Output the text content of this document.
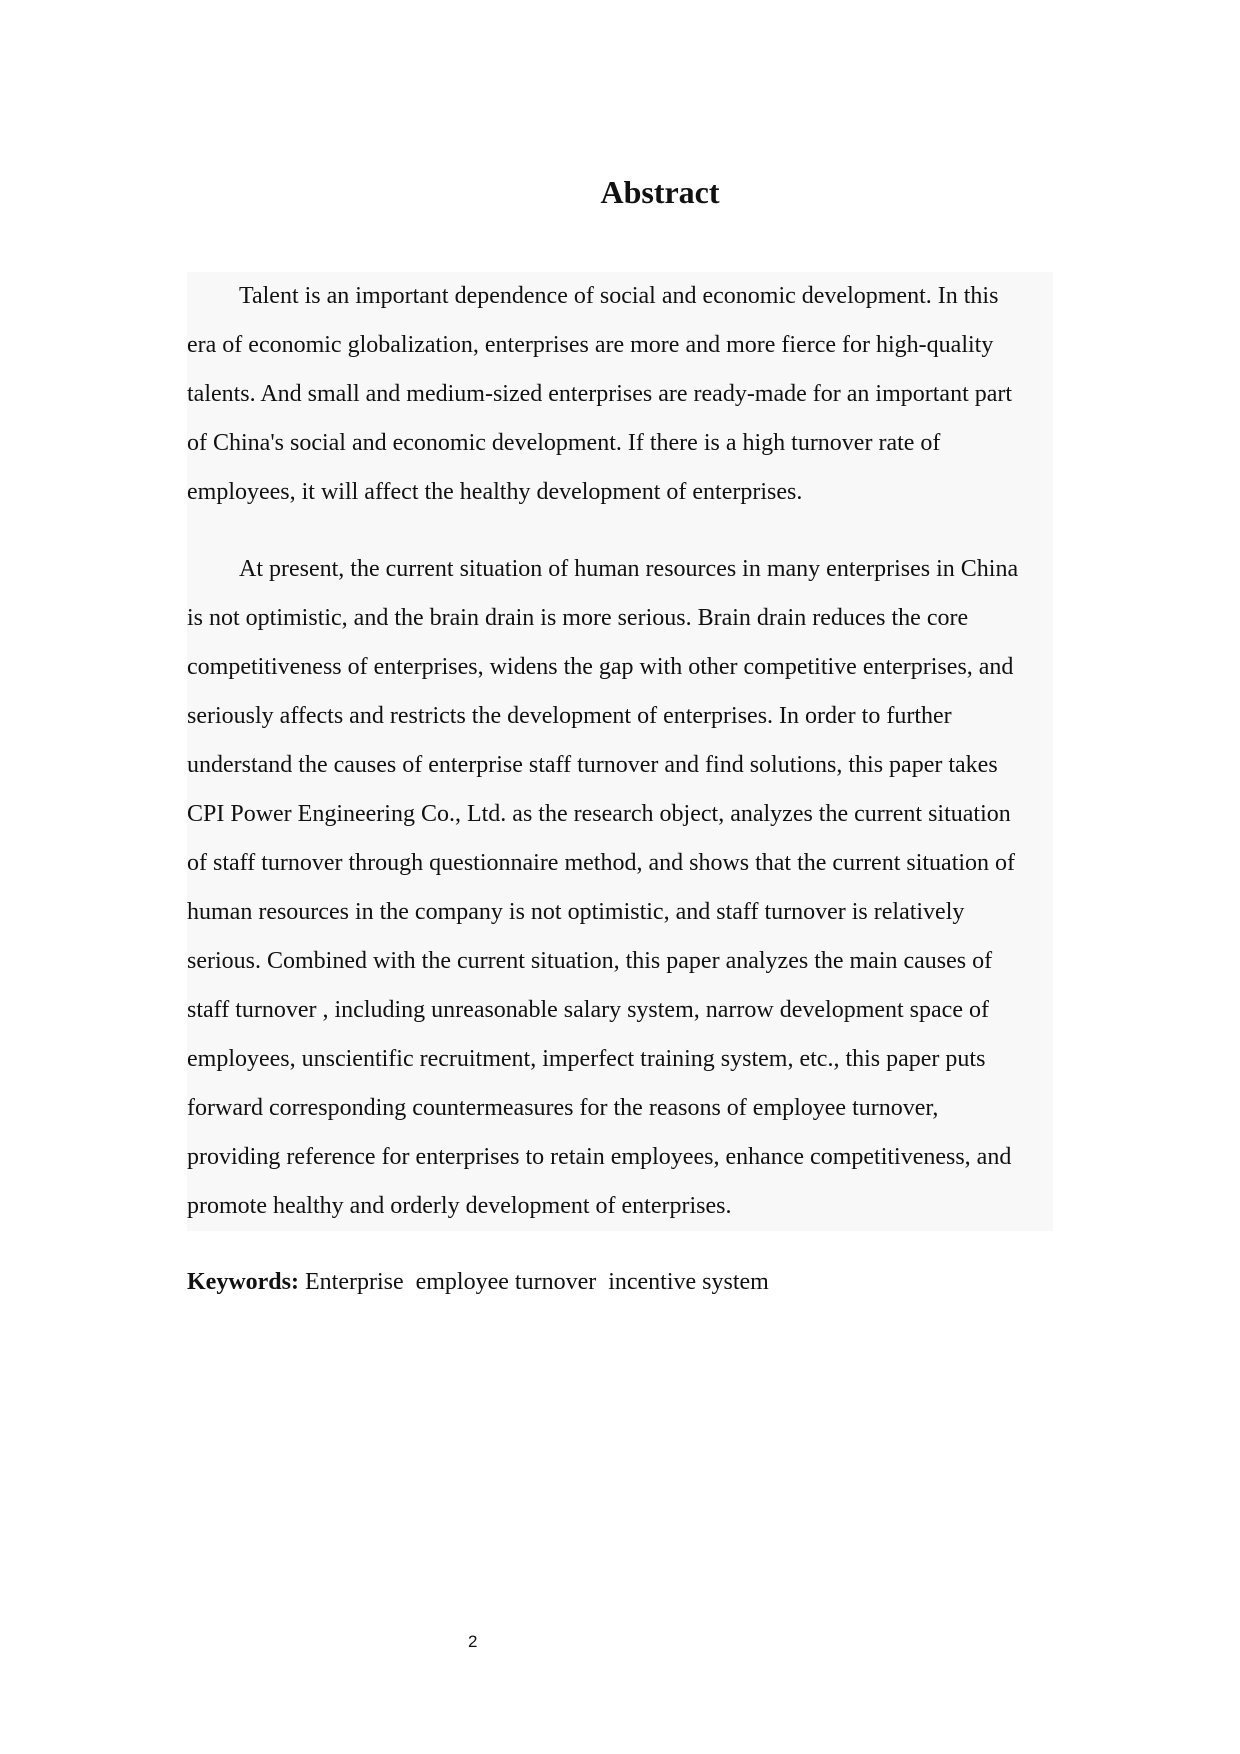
Abstract
Talent is an important dependence of social and economic development. In this
era of economic globalization, enterprises are more and more fierce for high-quality
talents. And small and medium-sized enterprises are ready-made for an important part
of China's social and economic development. If there is a high turnover rate of
employees, it will affect the healthy development of enterprises.
At present, the current situation of human resources in many enterprises in China
is not optimistic, and the brain drain is more serious. Brain drain reduces the core
competitiveness of enterprises, widens the gap with other competitive enterprises, and
seriously affects and restricts the development of enterprises. In order to further
understand the causes of enterprise staff turnover and find solutions, this paper takes
CPI Power Engineering Co., Ltd. as the research object, analyzes the current situation
of staff turnover through questionnaire method, and shows that the current situation of
human resources in the company is not optimistic, and staff turnover is relatively
serious. Combined with the current situation, this paper analyzes the main causes of
staff turnover , including unreasonable salary system, narrow development space of
employees, unscientific recruitment, imperfect training system, etc., this paper puts
forward corresponding countermeasures for the reasons of employee turnover,
providing reference for enterprises to retain employees, enhance competitiveness, and
promote healthy and orderly development of enterprises.
Keywords: Enterprise  employee turnover  incentive system
2
